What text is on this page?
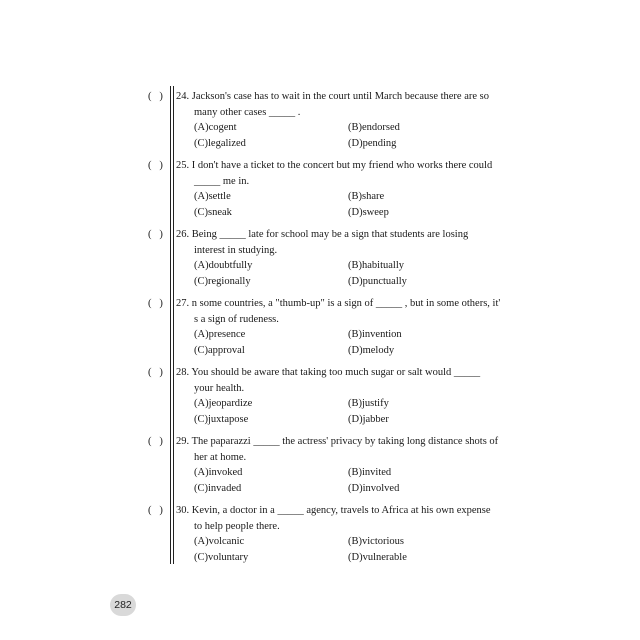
(   ) 24. Jackson's case has to wait in the court until March because there are so
many other cases _____ .
(A)cogent	(B)endorsed
(C)legalized	(D)pending
(   ) 25. I don't have a ticket to the concert but my friend who works there could
_____ me in.
(A)settle	(B)share
(C)sneak	(D)sweep
(   ) 26. Being _____ late for school may be a sign that students are losing
interest in studying.
(A)doubtfully	(B)habitually
(C)regionally	(D)punctually
(   ) 27. n some countries, a "thumb-up" is a sign of _____ , but in some others, it'
s a sign of rudeness.
(A)presence	(B)invention
(C)approval	(D)melody
(   ) 28. You should be aware that taking too much sugar or salt would _____
your health.
(A)jeopardize	(B)justify
(C)juxtapose	(D)jabber
(   ) 29. The paparazzi _____ the actress' privacy by taking long distance shots of
her at home.
(A)invoked	(B)invited
(C)invaded	(D)involved
(   ) 30. Kevin, a doctor in a _____ agency, travels to Africa at his own expense
to help people there.
(A)volcanic	(B)victorious
(C)voluntary	(D)vulnerable
282
